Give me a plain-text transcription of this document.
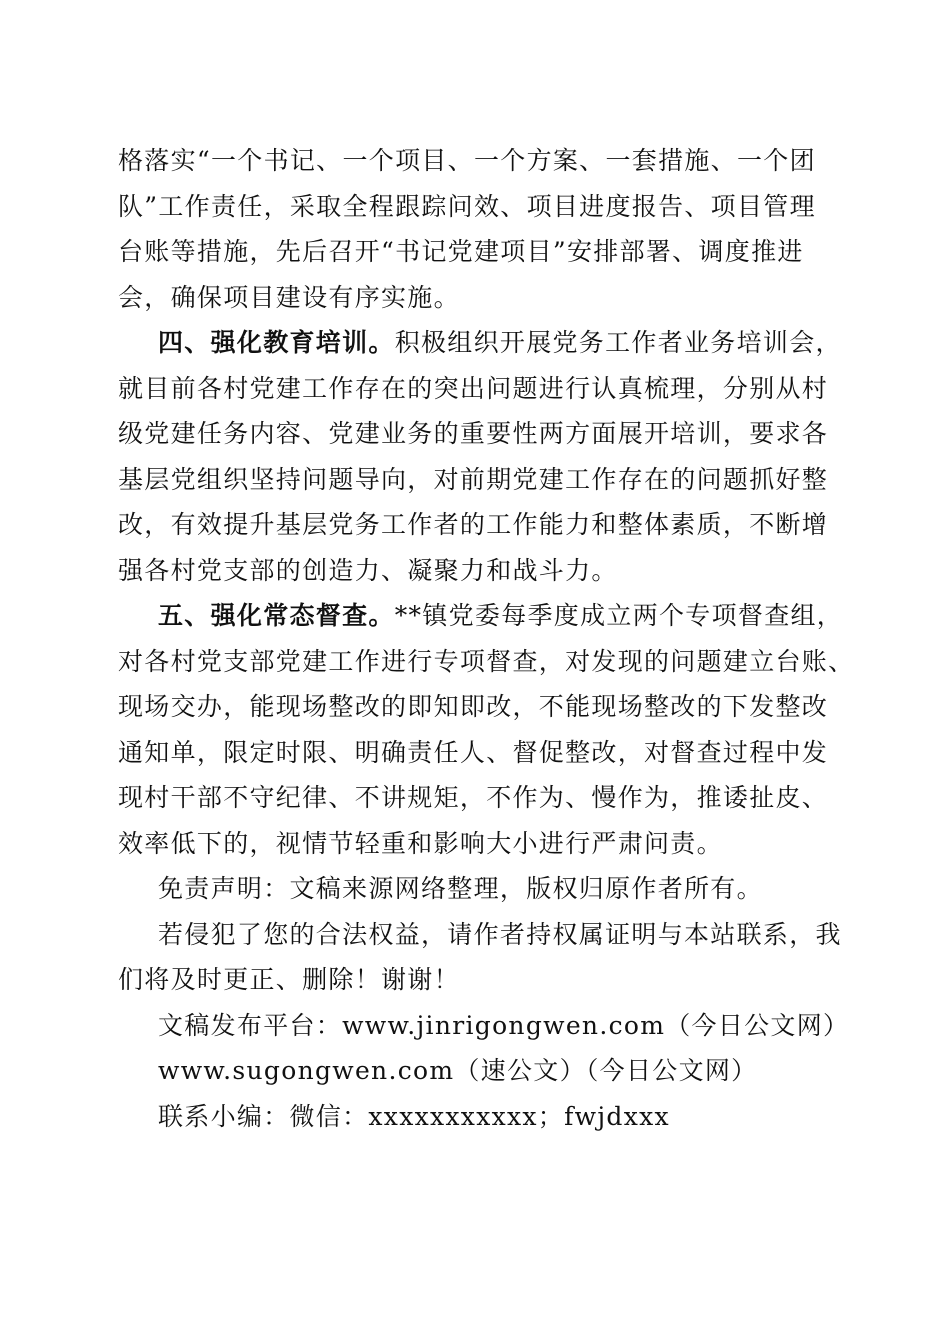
格落实“一个书记、一个项目、一个方案、一套措施、一个团
队”工作责任，采取全程跟踪问效、项目进度报告、项目管理
台账等措施，先后召开“书记党建项目”安排部署、调度推进
会，确保项目建设有序实施。
四、强化教育培训。积极组织开展党务工作者业务培训会，
就目前各村党建工作存在的突出问题进行认真梳理，分别从村
级党建任务内容、党建业务的重要性两方面展开培训，要求各
基层党组织坚持问题导向，对前期党建工作存在的问题抓好整
改，有效提升基层党务工作者的工作能力和整体素质，不断增
强各村党支部的创造力、凝聚力和战斗力。
五、强化常态督查。**镇党委每季度成立两个专项督查组，
对各村党支部党建工作进行专项督查，对发现的问题建立台账、
现场交办，能现场整改的即知即改，不能现场整改的下发整改
通知单，限定时限、明确责任人、督促整改，对督查过程中发
现村干部不守纪律、不讲规矩，不作为、慢作为，推诿扯皮、
效率低下的，视情节轻重和影响大小进行严肃问责。
免责声明：文稿来源网络整理，版权归原作者所有。
若侵犯了您的合法权益，请作者持权属证明与本站联系，我
们将及时更正、删除！谢谢！
文稿发布平台：www.jinrigongwen.com（今日公文网）
www.sugongwen.com（速公文）（今日公文网）
联系小编：微信：xxxxxxxxxxx；fwjdxxx
